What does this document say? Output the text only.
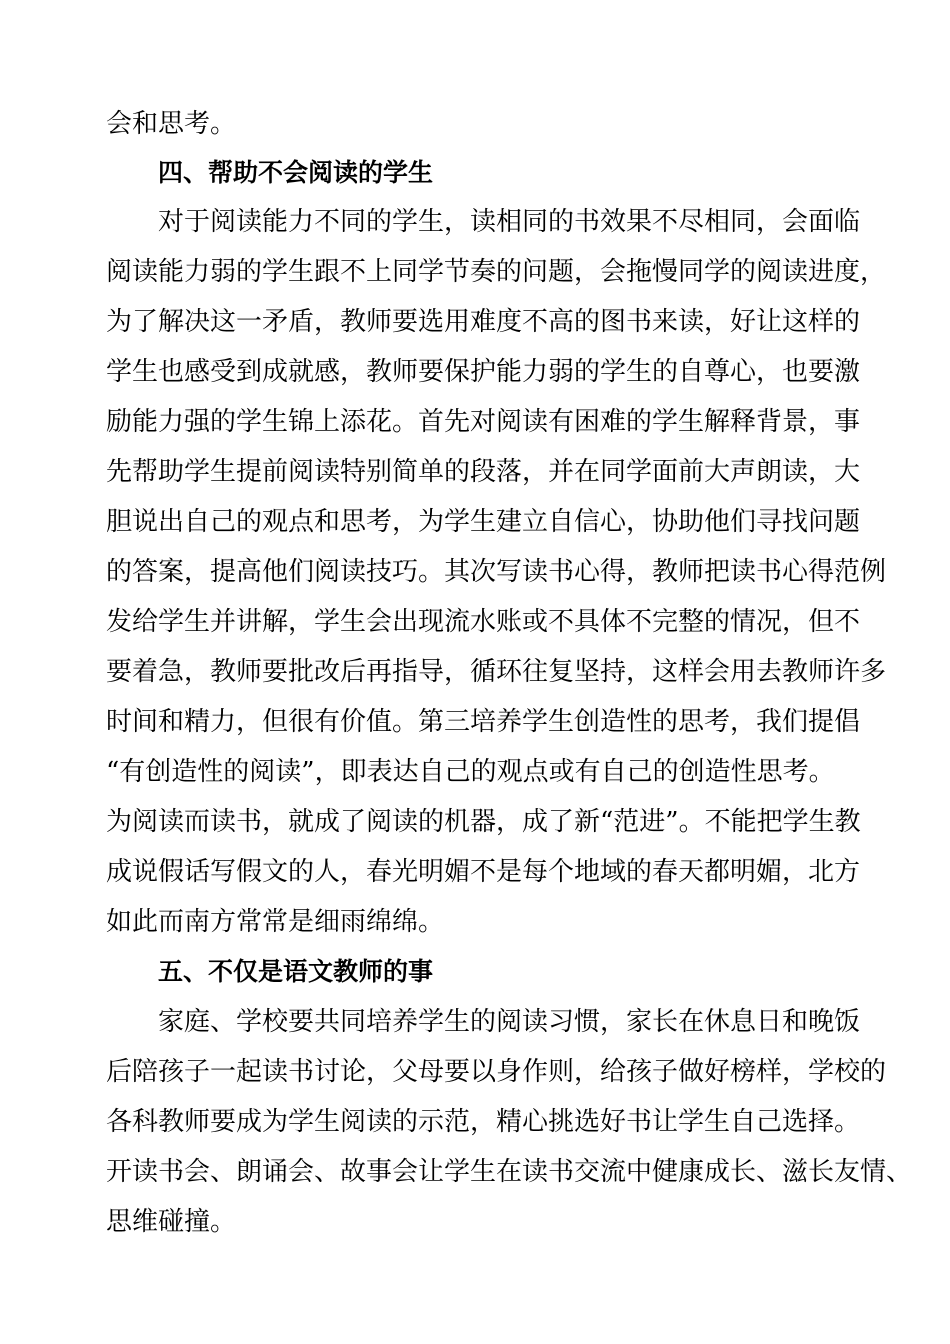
会和思考。
四、帮助不会阅读的学生
对于阅读能力不同的学生，读相同的书效果不尽相同，会面临
阅读能力弱的学生跟不上同学节奏的问题，会拖慢同学的阅读进度，
为了解决这一矛盾，教师要选用难度不高的图书来读，好让这样的
学生也感受到成就感，教师要保护能力弱的学生的自尊心，也要激
励能力强的学生锦上添花。首先对阅读有困难的学生解释背景，事
先帮助学生提前阅读特别简单的段落，并在同学面前大声朗读，大
胆说出自己的观点和思考，为学生建立自信心，协助他们寻找问题
的答案，提高他们阅读技巧。其次写读书心得，教师把读书心得范例
发给学生并讲解，学生会出现流水账或不具体不完整的情况，但不
要着急，教师要批改后再指导，循环往复坚持，这样会用去教师许多
时间和精力，但很有价值。第三培养学生创造性的思考，我们提倡
“有创造性的阅读”，即表达自己的观点或有自己的创造性思考。
为阅读而读书，就成了阅读的机器，成了新“范进”。不能把学生教
成说假话写假文的人，春光明媚不是每个地域的春天都明媚，北方
如此而南方常常是细雨绵绵。
五、不仅是语文教师的事
家庭、学校要共同培养学生的阅读习惯，家长在休息日和晚饭
后陪孩子一起读书讨论，父母要以身作则，给孩子做好榜样，学校的
各科教师要成为学生阅读的示范，精心挑选好书让学生自己选择。
开读书会、朗诵会、故事会让学生在读书交流中健康成长、滋长友情、
思维碰撞。
